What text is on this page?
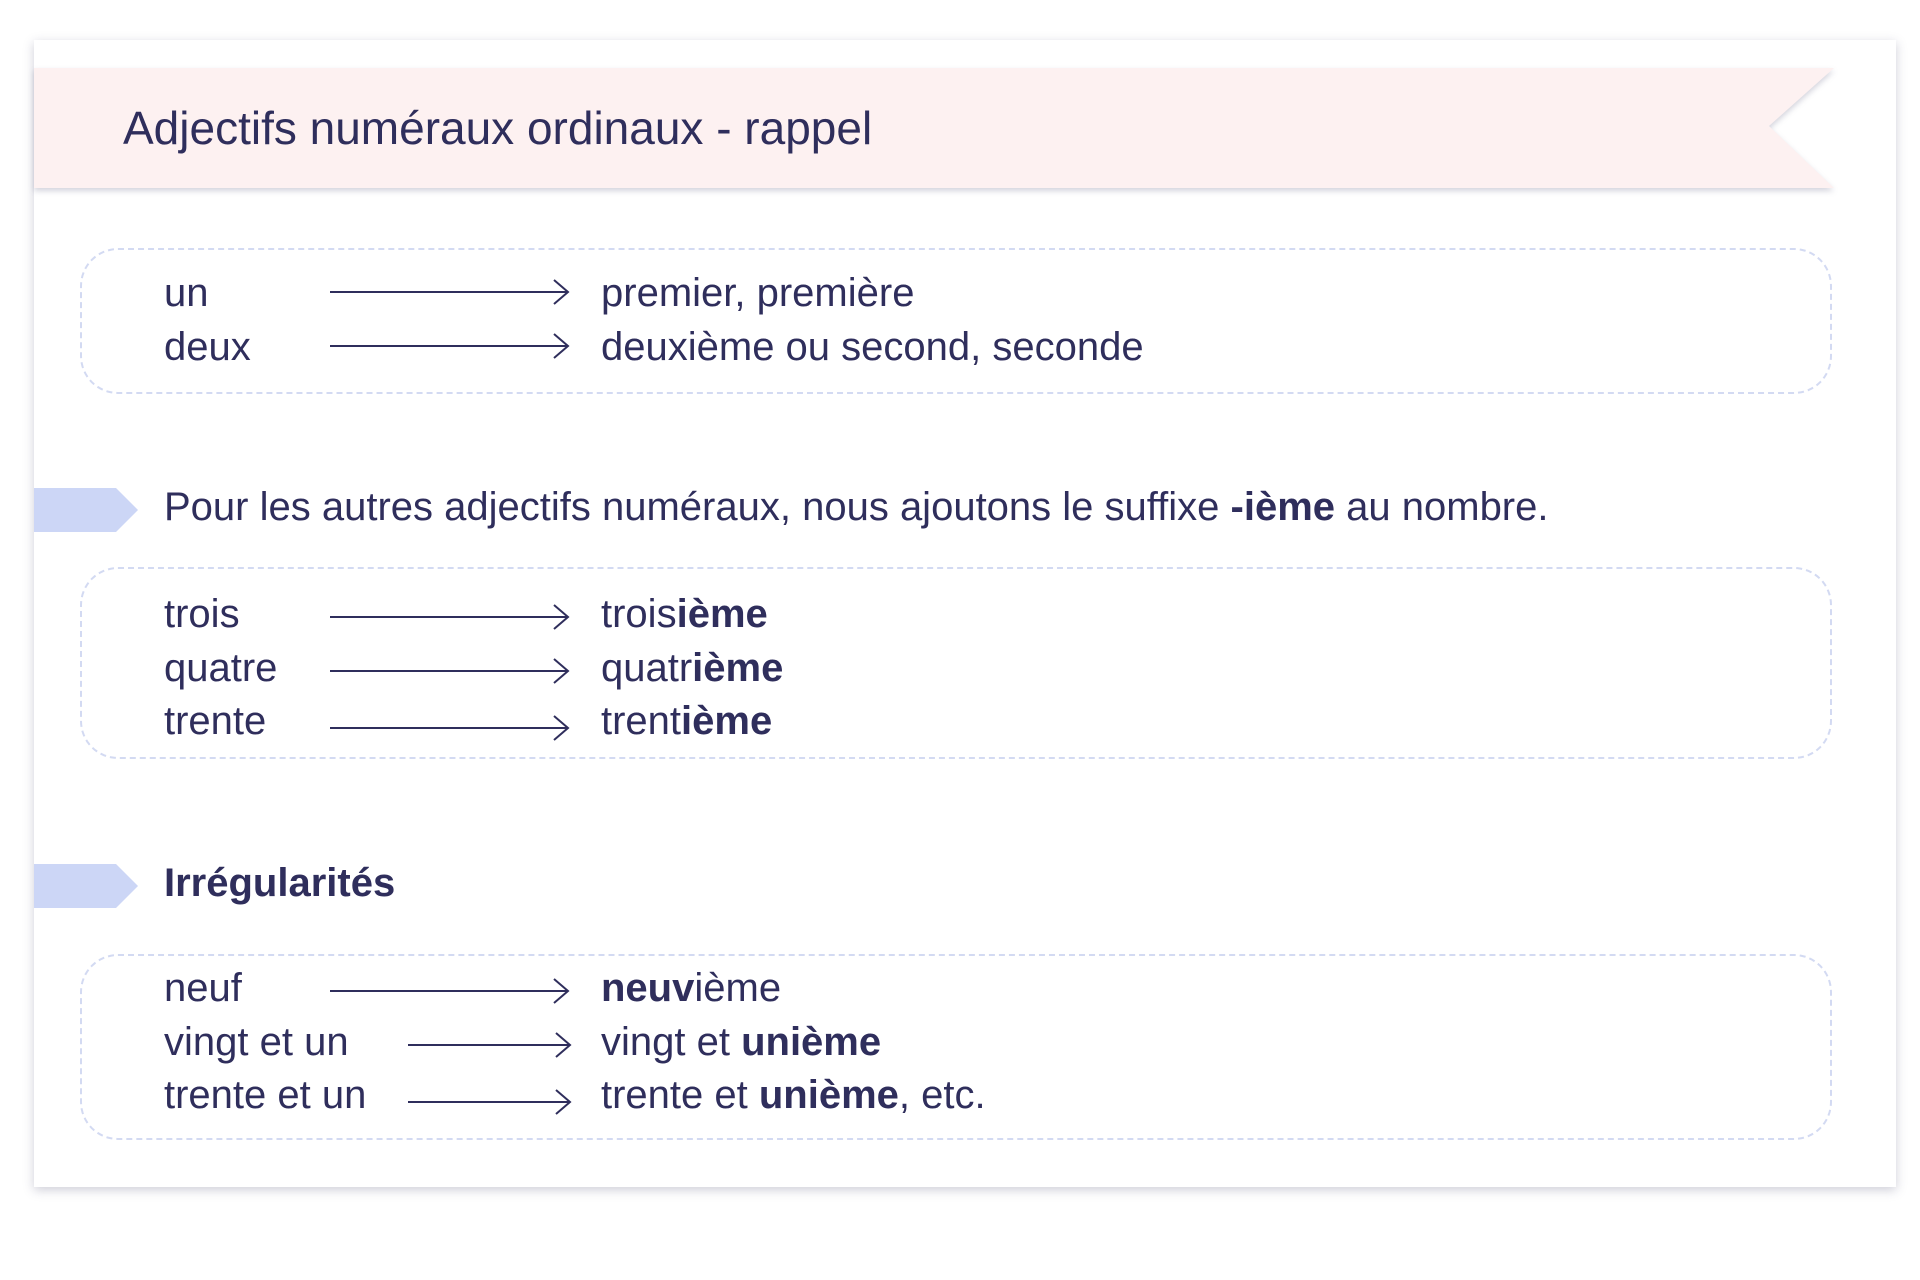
Adjectifs numéraux ordinaux - rappel
un	premier, première
deux	deuxième ou second, seconde
Pour les autres adjectifs numéraux, nous ajoutons le suffixe -ième au nombre.
trois	troisième
quatre	quatrième
trente	trentième
Irrégularités
neuf	neuvième
vingt et un	vingt et unième
trente et un	trente et unième, etc.
